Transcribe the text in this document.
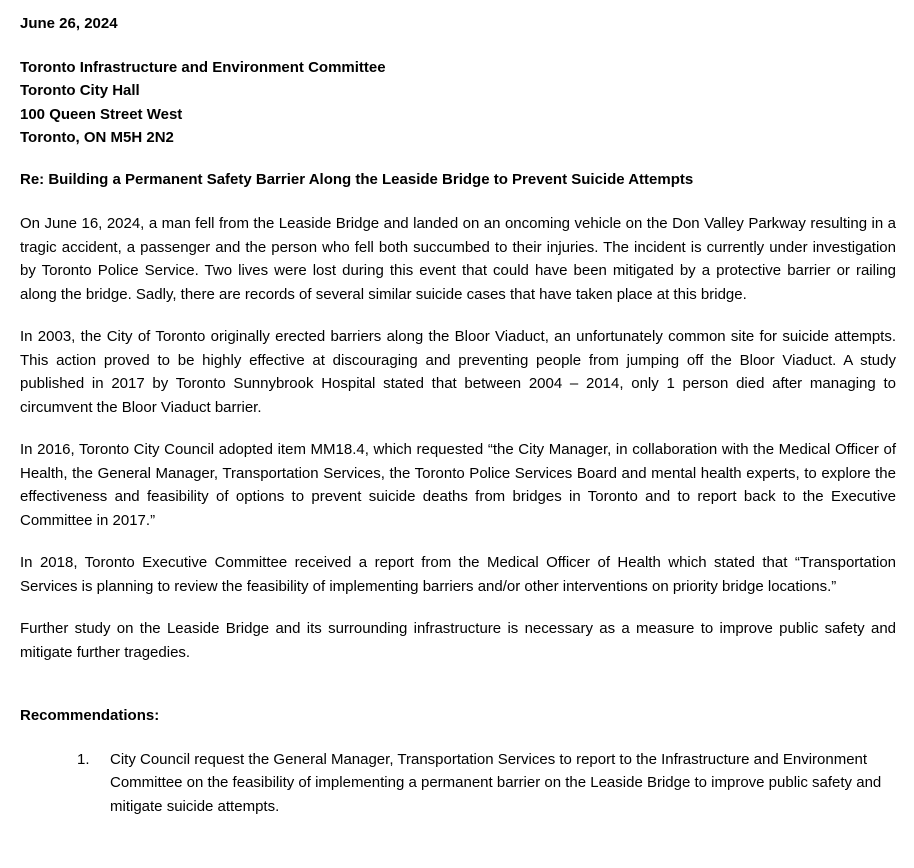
June 26, 2024
Toronto Infrastructure and Environment Committee
Toronto City Hall
100 Queen Street West
Toronto, ON M5H 2N2
Re: Building a Permanent Safety Barrier Along the Leaside Bridge to Prevent Suicide Attempts

On June 16, 2024, a man fell from the Leaside Bridge and landed on an oncoming vehicle on the Don Valley Parkway resulting in a tragic accident, a passenger and the person who fell both succumbed to their injuries. The incident is currently under investigation by Toronto Police Service. Two lives were lost during this event that could have been mitigated by a protective barrier or railing along the bridge. Sadly, there are records of several similar suicide cases that have taken place at this bridge.

In 2003, the City of Toronto originally erected barriers along the Bloor Viaduct, an unfortunately common site for suicide attempts. This action proved to be highly effective at discouraging and preventing people from jumping off the Bloor Viaduct. A study published in 2017 by Toronto Sunnybrook Hospital stated that between 2004 – 2014, only 1 person died after managing to circumvent the Bloor Viaduct barrier.

In 2016, Toronto City Council adopted item MM18.4, which requested “the City Manager, in collaboration with the Medical Officer of Health, the General Manager, Transportation Services, the Toronto Police Services Board and mental health experts, to explore the effectiveness and feasibility of options to prevent suicide deaths from bridges in Toronto and to report back to the Executive Committee in 2017.”

In 2018, Toronto Executive Committee received a report from the Medical Officer of Health which stated that “Transportation Services is planning to review the feasibility of implementing barriers and/or other interventions on priority bridge locations.”

Further study on the Leaside Bridge and its surrounding infrastructure is necessary as a measure to improve public safety and mitigate further tragedies.

Recommendations:
1.	City Council request the General Manager, Transportation Services to report to the Infrastructure and Environment Committee on the feasibility of implementing a permanent barrier on the Leaside Bridge to improve public safety and mitigate suicide attempts.
